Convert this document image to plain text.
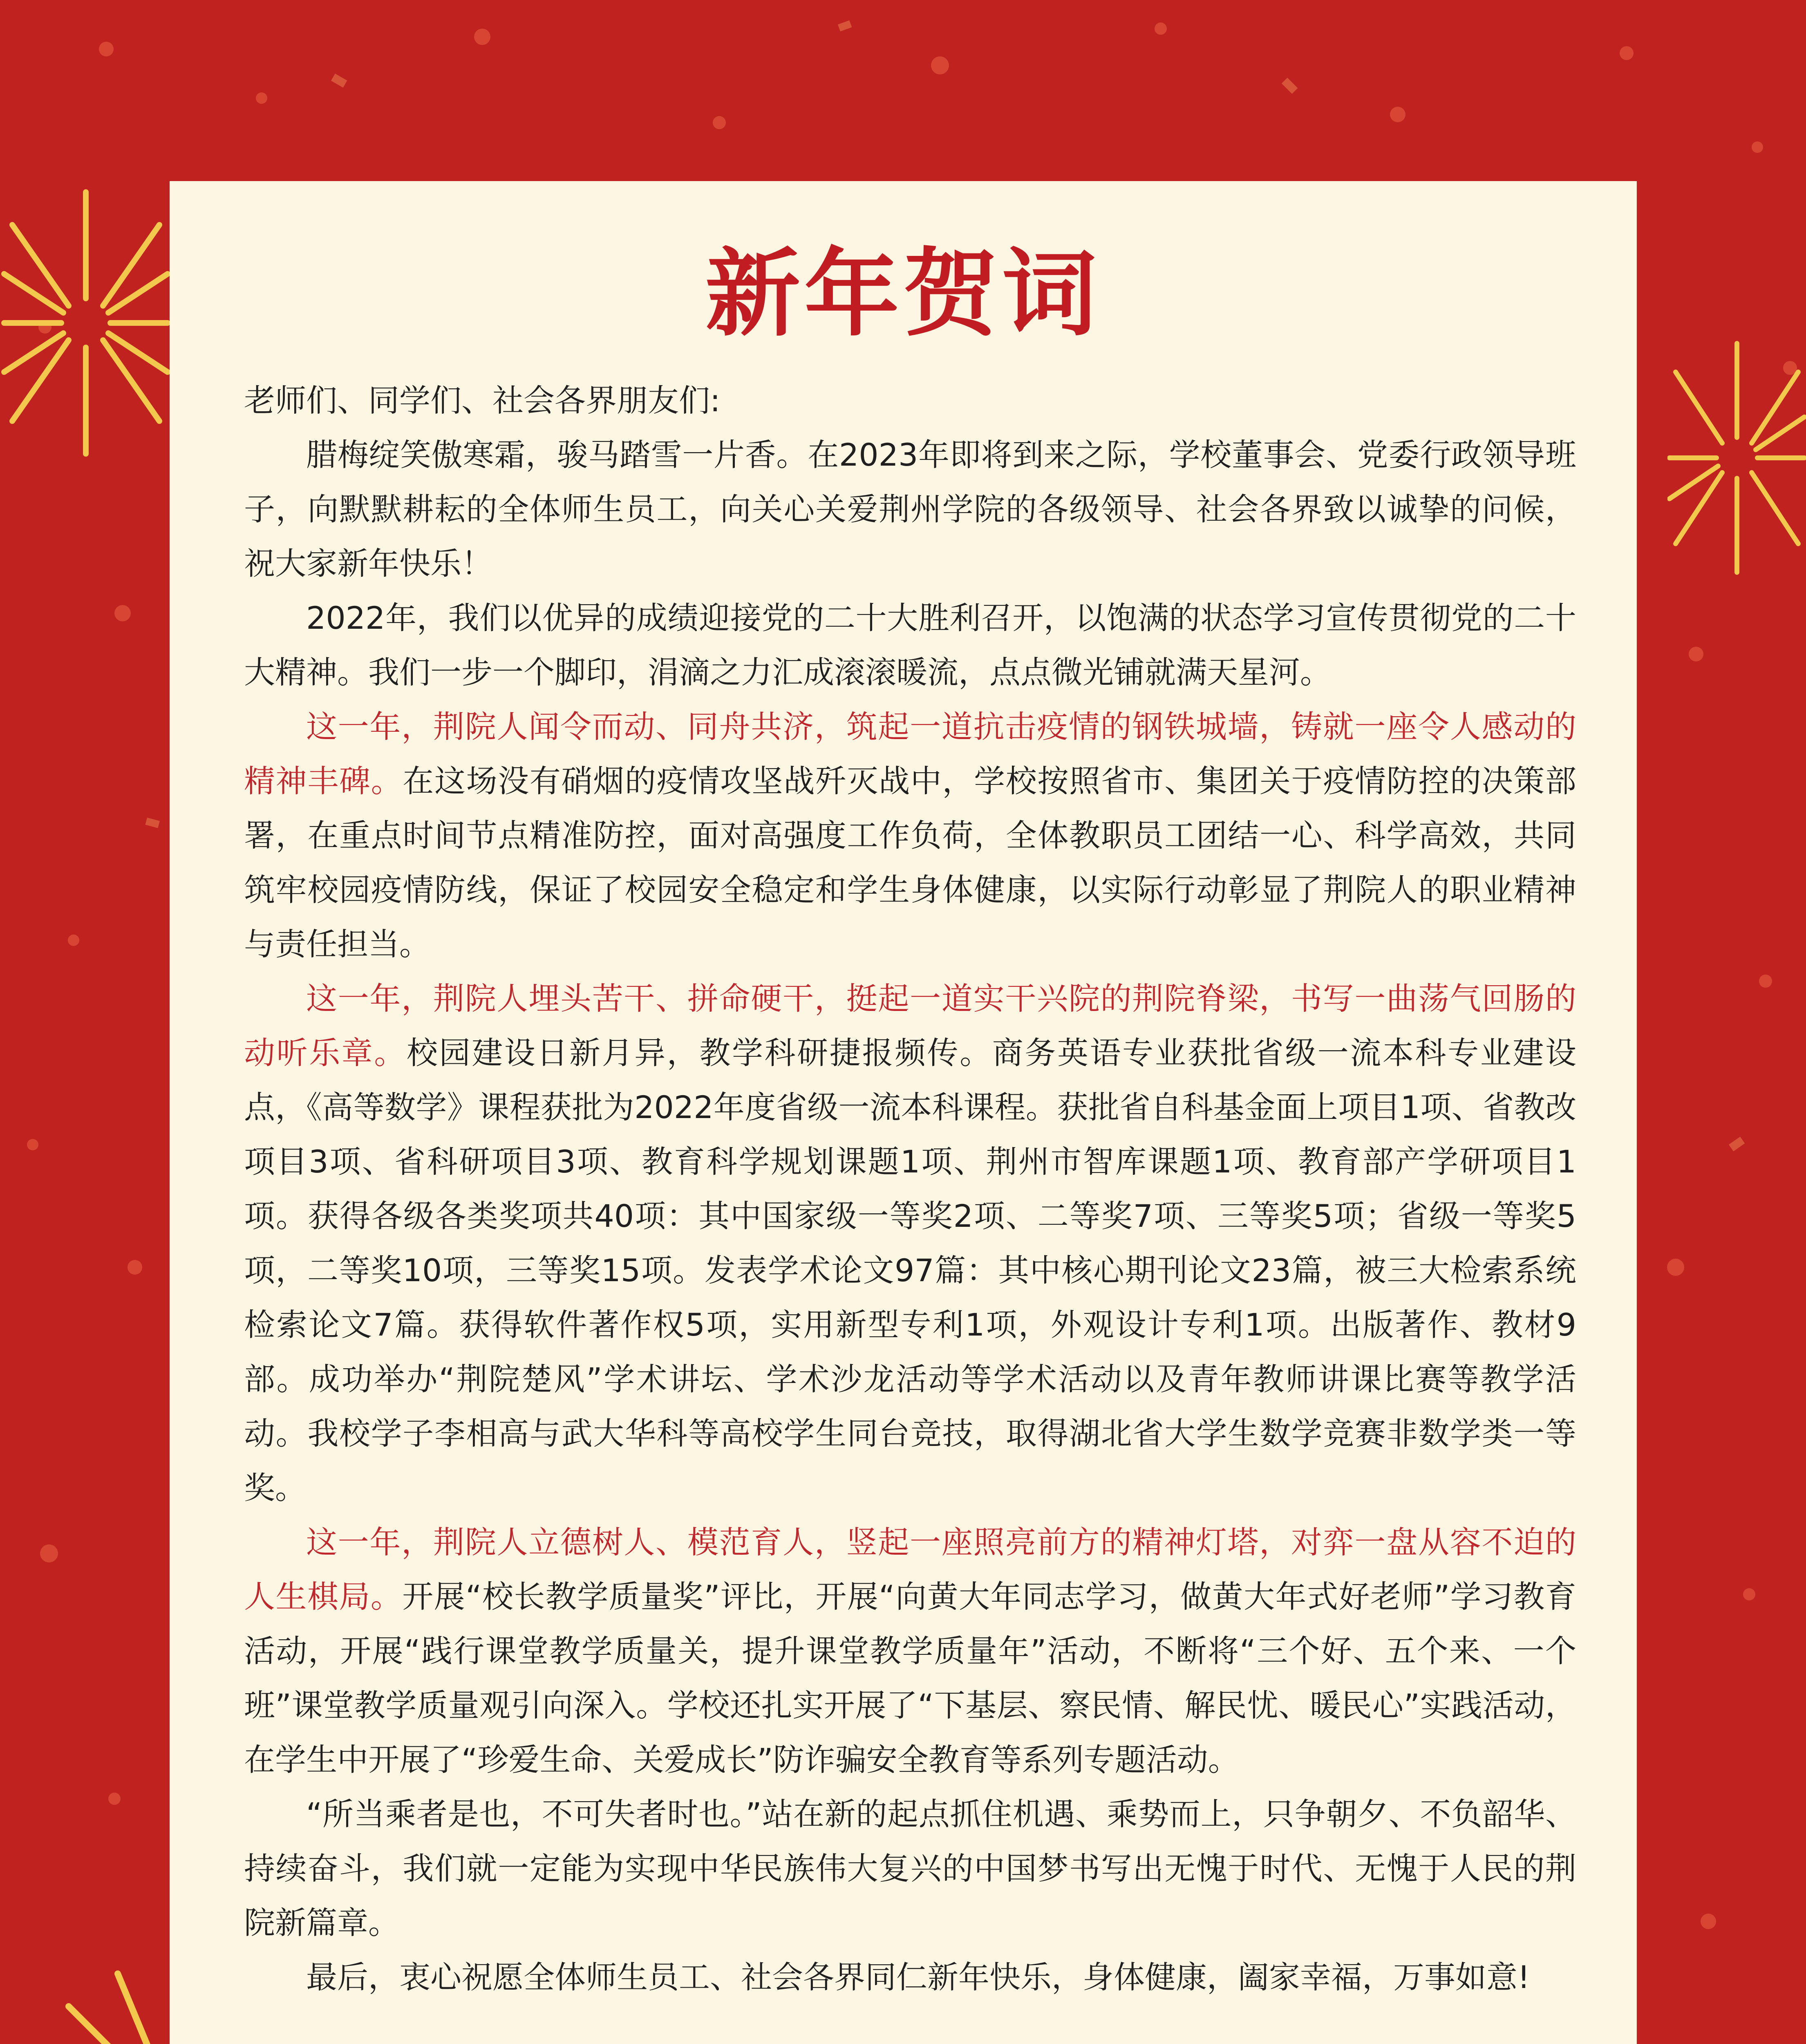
新年贺词

老师们、同学们、社会各界朋友们:

腊梅绽笑傲寒霜，骏马踏雪一片香。在2023年即将到来之际，学校董事会、党委行政领导班子，向默默耕耘的全体师生员工，向关心关爱荆州学院的各级领导、社会各界致以诚挚的问候，祝大家新年快乐！

2022年，我们以优异的成绩迎接党的二十大胜利召开，以饱满的状态学习宣传贯彻党的二十大精神。我们一步一个脚印，涓滴之力汇成滚滚暖流，点点微光铺就满天星河。

这一年，荆院人闻令而动、同舟共济，筑起一道抗击疫情的钢铁城墙，铸就一座令人感动的精神丰碑。在这场没有硝烟的疫情攻坚战歼灭战中，学校按照省市、集团关于疫情防控的决策部署，在重点时间节点精准防控，面对高强度工作负荷，全体教职员工团结一心、科学高效，共同筑牢校园疫情防线，保证了校园安全稳定和学生身体健康，以实际行动彰显了荆院人的职业精神与责任担当。

这一年，荆院人埋头苦干、拼命硬干，挺起一道实干兴院的荆院脊梁，书写一曲荡气回肠的动听乐章。校园建设日新月异，教学科研捷报频传。商务英语专业获批省级一流本科专业建设点，《高等数学》课程获批为2022年度省级一流本科课程。获批省自科基金面上项目1项、省教改项目3项、省科研项目3项、教育科学规划课题1项、荆州市智库课题1项、教育部产学研项目1项。获得各级各类奖项共40项：其中国家级一等奖2项、二等奖7项、三等奖5项；省级一等奖5项，二等奖10项，三等奖15项。发表学术论文97篇：其中核心期刊论文23篇，被三大检索系统检索论文7篇。获得软件著作权5项，实用新型专利1项，外观设计专利1项。出版著作、教材9部。成功举办“荆院楚风”学术讲坛、学术沙龙活动等学术活动以及青年教师讲课比赛等教学活动。我校学子李相高与武大华科等高校学生同台竞技，取得湖北省大学生数学竞赛非数学类一等奖。

这一年，荆院人立德树人、模范育人，竖起一座照亮前方的精神灯塔，对弈一盘从容不迫的人生棋局。开展“校长教学质量奖”评比，开展“向黄大年同志学习，做黄大年式好老师”学习教育活动，开展“践行课堂教学质量关，提升课堂教学质量年”活动，不断将“三个好、五个来、一个班”课堂教学质量观引向深入。学校还扎实开展了“下基层、察民情、解民忧、暖民心”实践活动，在学生中开展了“珍爱生命、关爱成长”防诈骗安全教育等系列专题活动。

“所当乘者是也，不可失者时也。”站在新的起点抓住机遇、乘势而上，只争朝夕、不负韶华、持续奋斗，我们就一定能为实现中华民族伟大复兴的中国梦书写出无愧于时代、无愧于人民的荆院新篇章。

最后，衷心祝愿全体师生员工、社会各界同仁新年快乐，身体健康，阖家幸福，万事如意!
